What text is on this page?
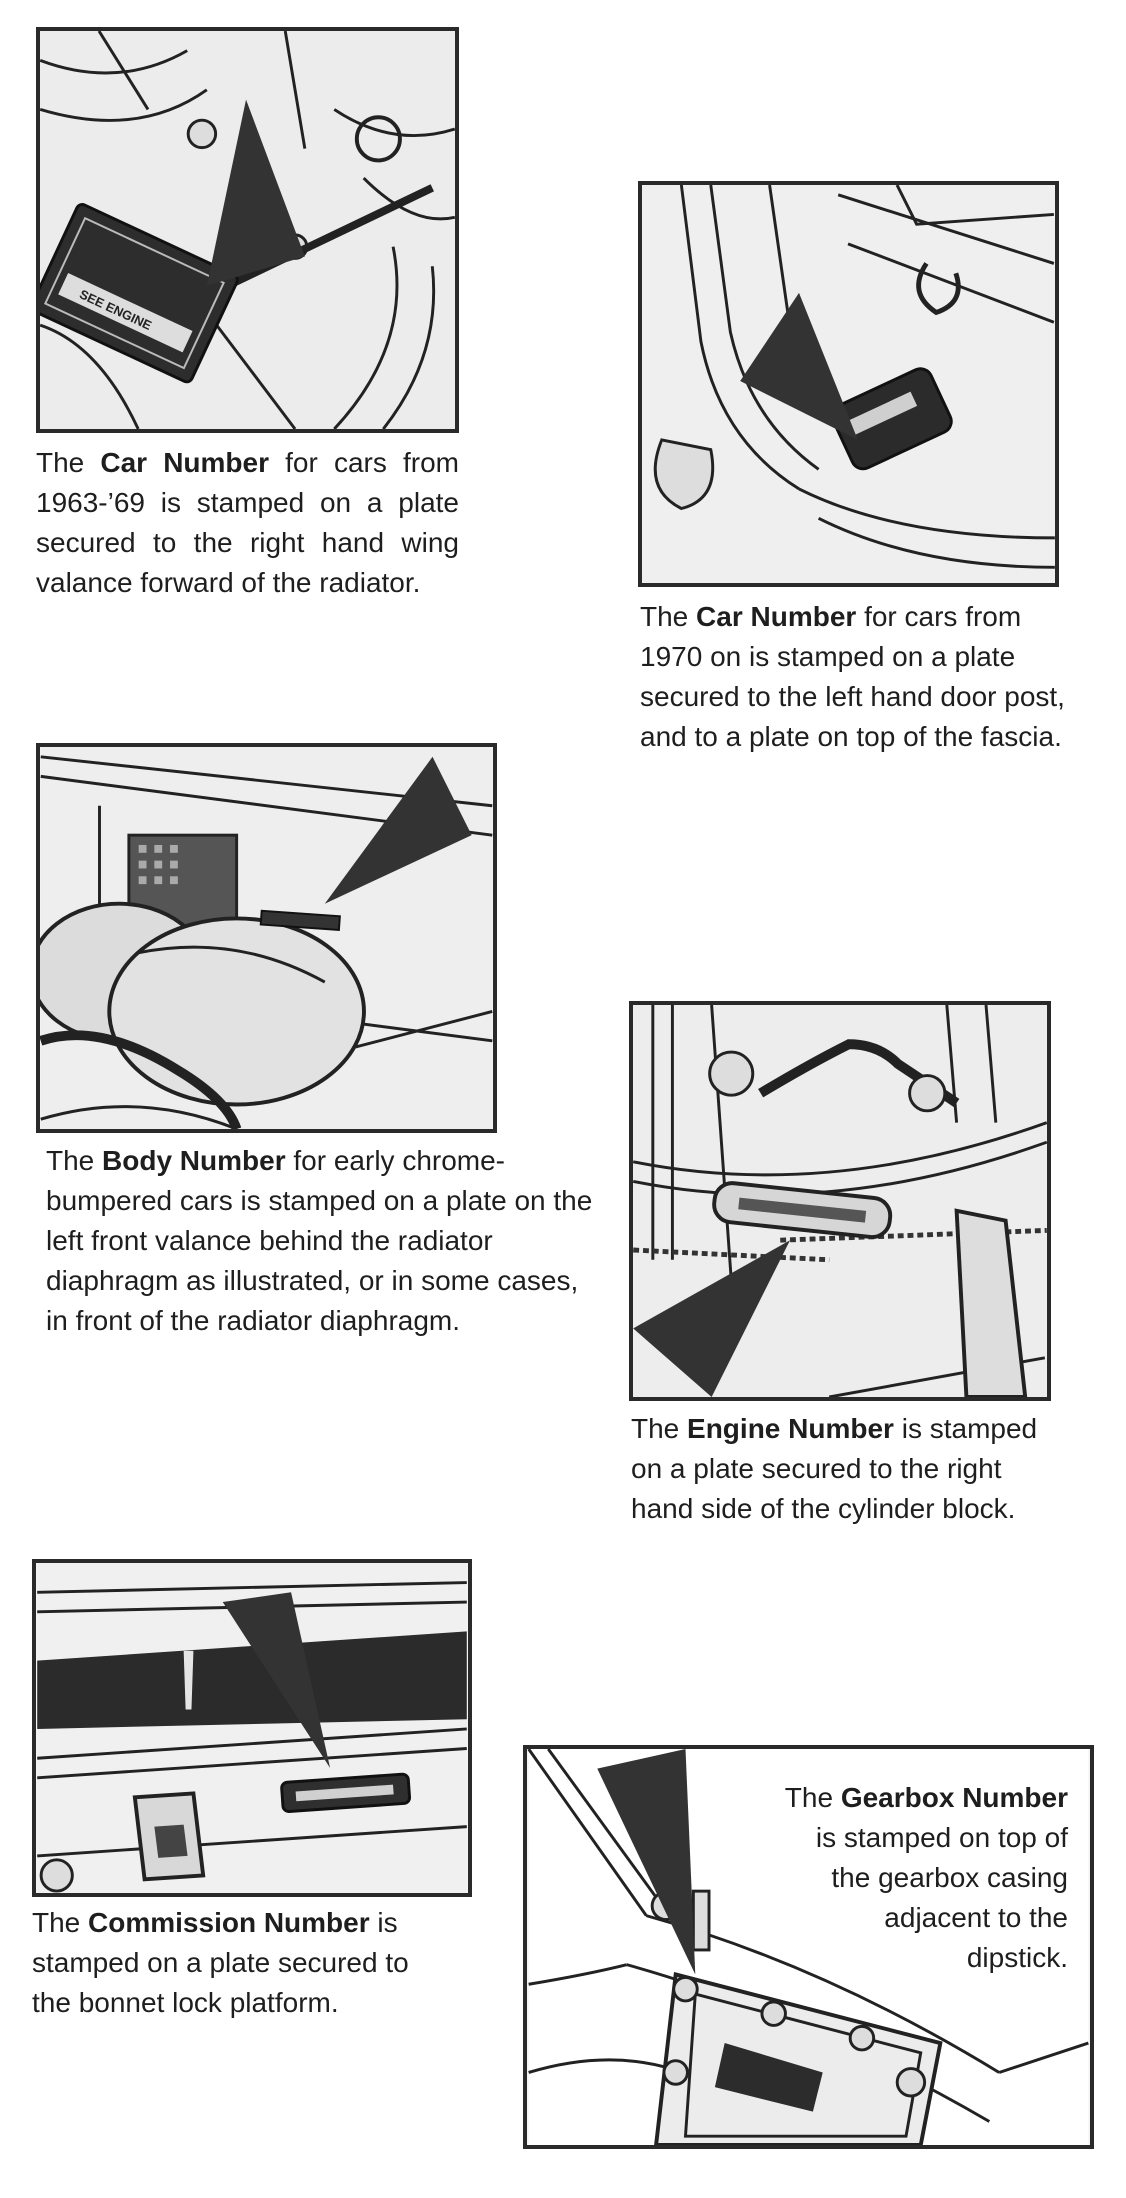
SEE ENGINE

The Car Number for cars from 1963-’69 is stamped on a plate secured to the right hand wing valance forward of the radiator.

The Car Number for cars from 1970 on is stamped on a plate secured to the left hand door post, and to a plate on top of the fascia.

The Body Number for early chrome-bumpered cars is stamped on a plate on the left front valance behind the radiator diaphragm as illustrated, or in some cases, in front of the radiator diaphragm.

The Engine Number is stamped on a plate secured to the right hand side of the cylinder block.

The Commission Number is stamped on a plate secured to the bonnet lock platform.

The Gearbox Number is stamped on top of the gearbox casing adjacent to the dipstick.
